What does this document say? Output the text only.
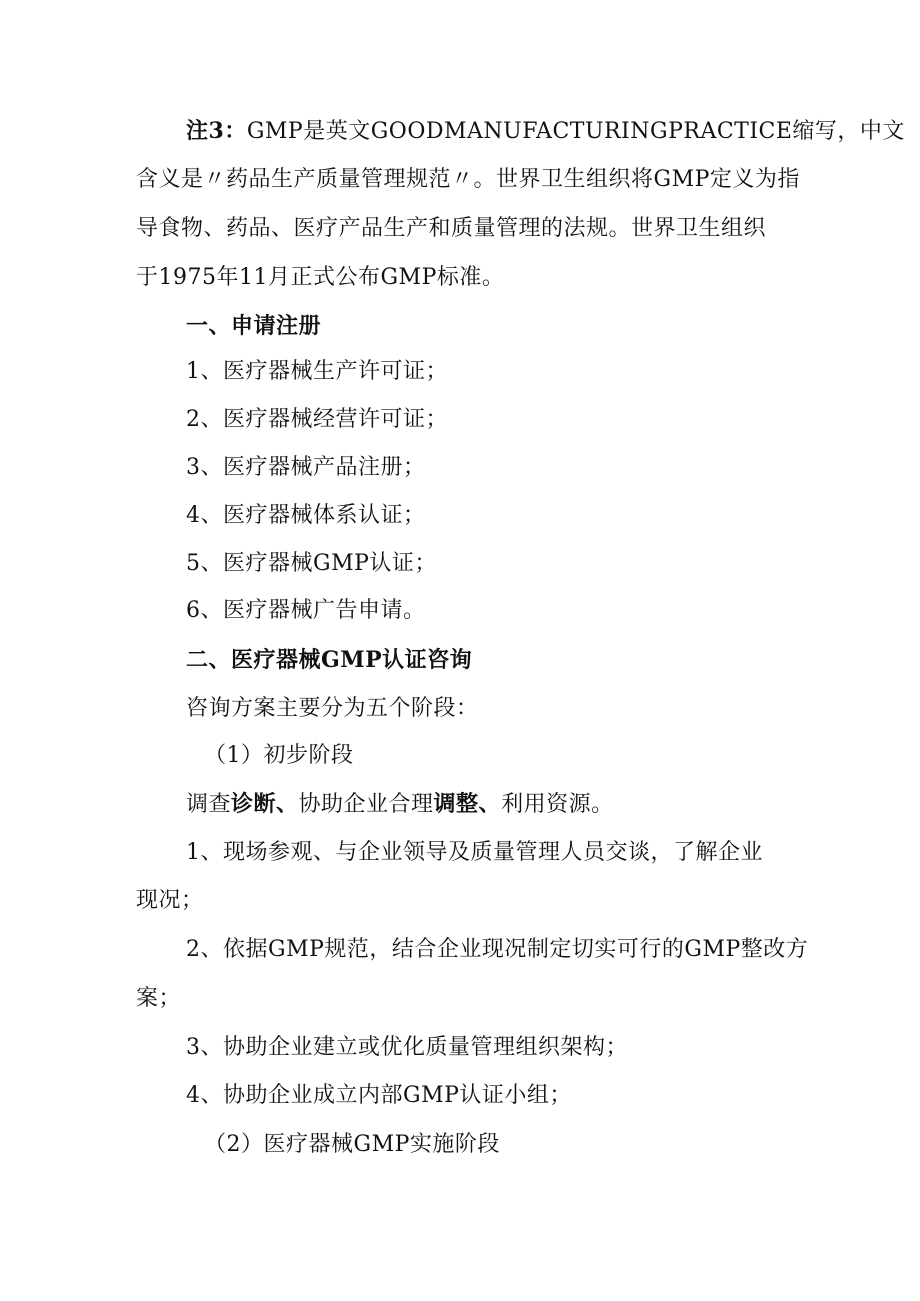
注3：GMP是英文GOODMANUFACTURINGPRACTICE缩写，中文
含义是〃药品生产质量管理规范〃。世界卫生组织将GMP定义为指
导食物、药品、医疗产品生产和质量管理的法规。世界卫生组织
于1975年11月正式公布GMP标准。
一、申请注册
1、医疗器械生产许可证；
2、医疗器械经营许可证；
3、医疗器械产品注册；
4、医疗器械体系认证；
5、医疗器械GMP认证；
6、医疗器械广告申请。
二、医疗器械GMP认证咨询
咨询方案主要分为五个阶段：
（1）初步阶段
调查诊断、协助企业合理调整、利用资源。
1、现场参观、与企业领导及质量管理人员交谈，了解企业
现况；
2、依据GMP规范，结合企业现况制定切实可行的GMP整改方
案；
3、协助企业建立或优化质量管理组织架构；
4、协助企业成立内部GMP认证小组；
（2）医疗器械GMP实施阶段
